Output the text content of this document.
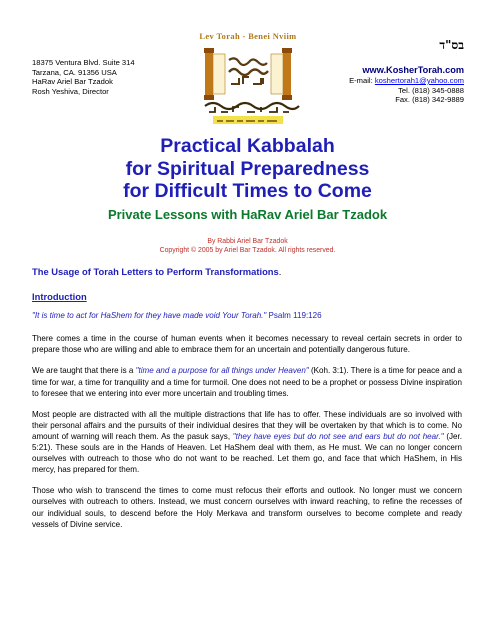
18375 Ventura Blvd. Suite 314
Tarzana, CA. 91356 USA
HaRav Ariel Bar Tzadok
Rosh Yeshiva, Director
Lev Torah - Benei Nviim
בס"ד
www.KosherTorah.com
E-mail: koshertorah1@yahoo.com
Tel. (818) 345-0888
Fax. (818) 342-9889
Practical Kabbalah
for Spiritual Preparedness
for Difficult Times to Come
Private Lessons with HaRav Ariel Bar Tzadok
By Rabbi Ariel Bar Tzadok
Copyright © 2005 by Ariel Bar Tzadok. All rights reserved.
The Usage of Torah Letters to Perform Transformations.
Introduction
"It is time to act for HaShem for they have made void Your Torah." Psalm 119:126

There comes a time in the course of human events when it becomes necessary to reveal certain secrets in order to prepare those who are willing and able to embrace them for an uncertain and potentially dangerous future.

We are taught that there is a "time and a purpose for all things under Heaven" (Koh. 3:1). There is a time for peace and a time for war, a time for tranquility and a time for turmoil. One does not need to be a prophet or possess Divine inspiration to foresee that we entering into ever more uncertain and troubling times.

Most people are distracted with all the multiple distractions that life has to offer. These individuals are so involved with their personal affairs and the pursuits of their individual desires that they will be overtaken by that which is to come. No amount of warning will reach them. As the pasuk says, "they have eyes but do not see and ears but do not hear." (Jer. 5:21). These souls are in the Hands of Heaven. Let HaShem deal with them, as He must. We can no longer concern ourselves with outreach to those who do not want to be reached. Let them go, and face that which HaShem, in His mercy, has prepared for them.

Those who wish to transcend the times to come must refocus their efforts and outlook. No longer must we concern ourselves with outreach to others. Instead, we must concern ourselves with inward reaching, to refine the recesses of our individual souls, to descend before the Holy Merkava and transform ourselves to become complete and ready vessels of Divine service.
